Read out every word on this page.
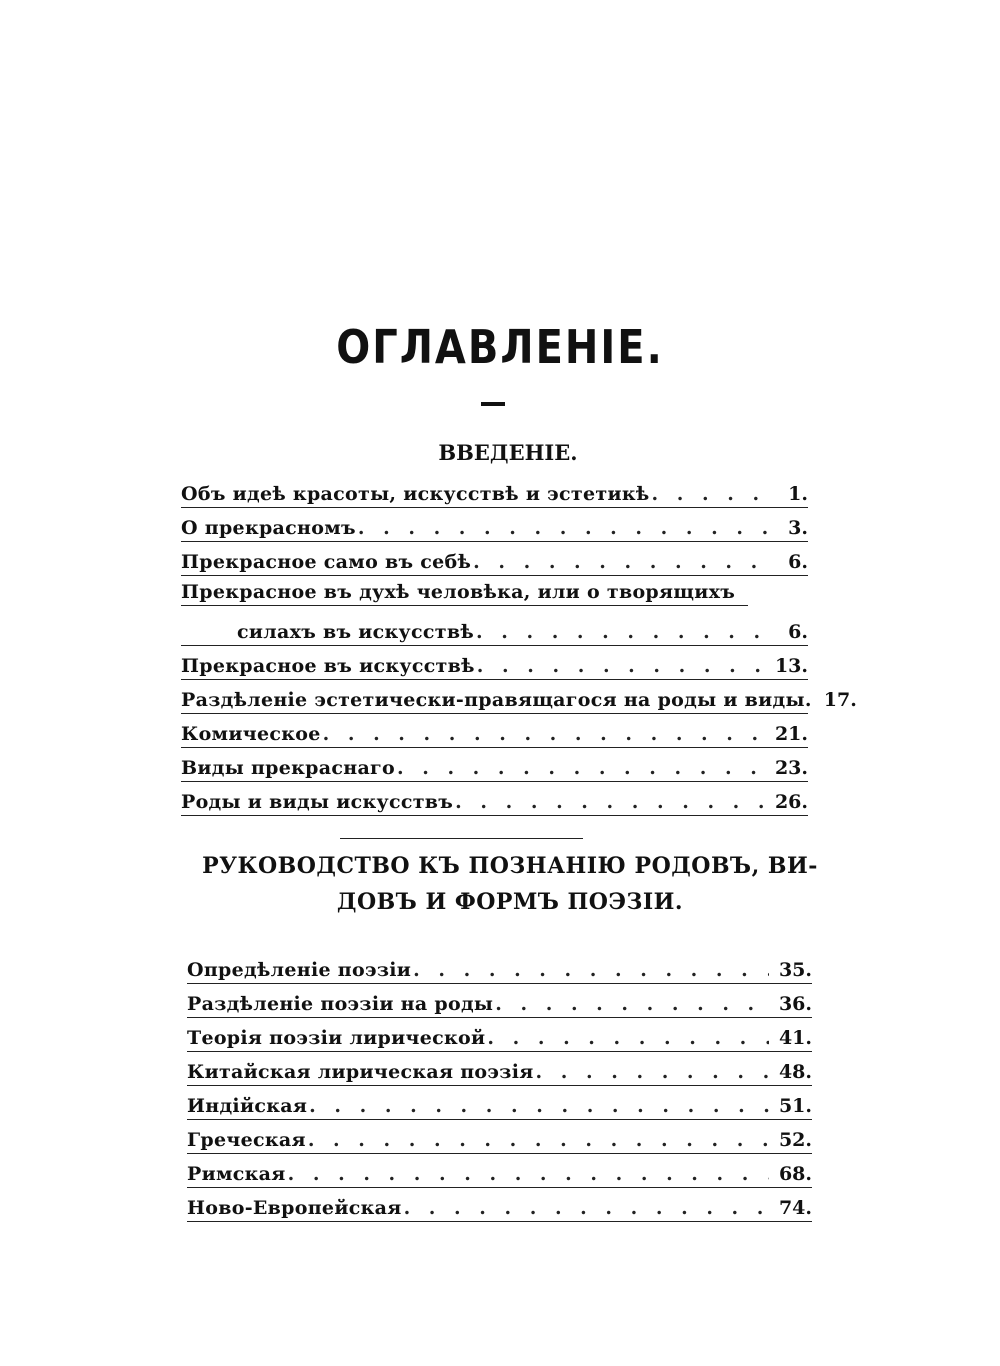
ОГЛАВЛЕНІЕ.
ВВЕДЕНІЕ.
Объ идеѣ красоты, искусствѣ и эстетикѣ . . .	1.
О прекрасномъ . . .	3.
Прекрасное само въ себѣ . . .	6.
Прекрасное въ духѣ человѣка, или о творящихъ
силахъ въ искусствѣ . . .	6.
Прекрасное въ искусствѣ . . .	13.
Раздѣленіе эстетически-правящагося на роды и виды. 17.
Комическое . . .	21.
Виды прекраснаго . . .	23.
Роды и виды искусствъ . . .	26.
РУКОВОДСТВО КЪ ПОЗНАНІЮ РОДОВЪ, ВИ-
ДОВЪ И ФОРМЪ ПОЭЗІИ.
Опредѣленіе поэзіи . . .	35.
Раздѣленіе поэзіи на роды . . .	36.
Теорія поэзіи лирической . . .	41.
Китайская лирическая поэзія . . .	48.
Индійская . . .	51.
Греческая . . .	52.
Римская . . .	68.
Ново-Европейская . . .	74.
